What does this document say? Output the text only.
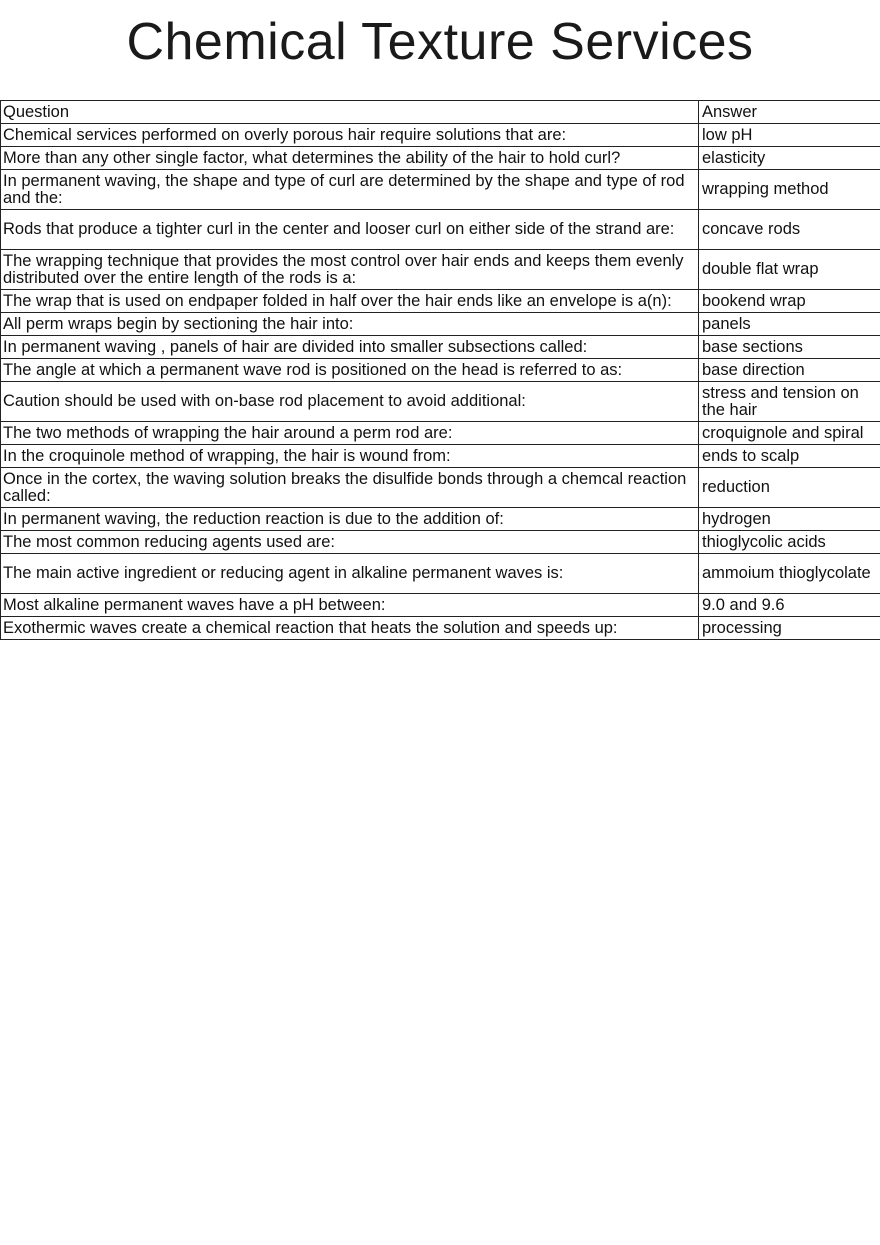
Chemical Texture Services
Question	Answer
Chemical services performed on overly porous hair require solutions that are:	low pH
More than any other single factor, what determines the ability of the hair to hold curl?	elasticity
In permanent waving, the shape and type of curl are determined by the shape and type of rod and the:	wrapping method
Rods that produce a tighter curl in the center and looser curl on either side of the strand are:	concave rods
The wrapping technique that provides the most control over hair ends and keeps them evenly distributed over the entire length of the rods is a:	double flat wrap
The wrap that is used on endpaper folded in half over the hair ends like an envelope is a(n):	bookend wrap
All perm wraps begin by sectioning the hair into:	panels
In permanent waving , panels of hair are divided into smaller subsections called:	base sections
The angle at which a permanent wave rod is positioned on the head is referred to as:	base direction
Caution should be used with on-base rod placement to avoid additional:	stress and tension on the hair
The two methods of wrapping the hair around a perm rod are:	croquignole and spiral
In the croquinole method of wrapping, the hair is wound from:	ends to scalp
Once in the cortex, the waving solution breaks the disulfide bonds through a chemcal reaction called:	reduction
In permanent waving, the reduction reaction is due to the addition of:	hydrogen
The most common reducing agents used are:	thioglycolic acids
The main active ingredient or reducing agent in alkaline permanent waves is:	ammoium thioglycolate
Most alkaline permanent waves have a pH between:	9.0 and 9.6
Exothermic waves create a chemical reaction that heats the solution and speeds up:	processing
